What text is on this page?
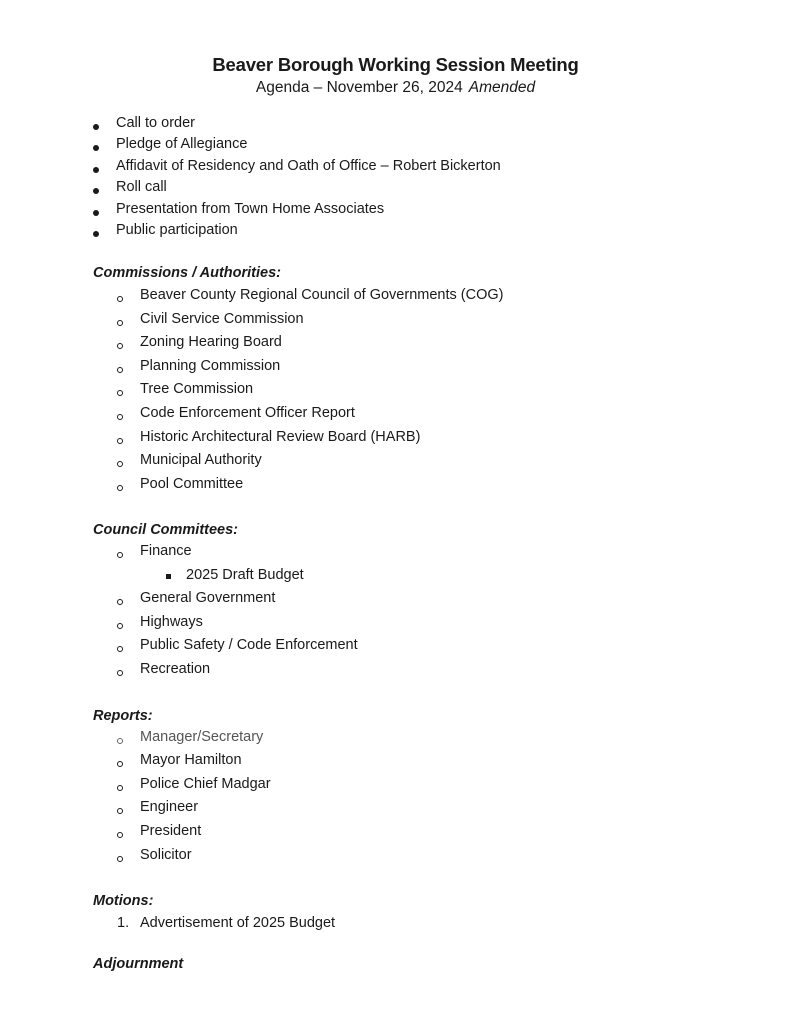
Beaver Borough Working Session Meeting
Agenda – November 26, 2024 Amended
Call to order
Pledge of Allegiance
Affidavit of Residency and Oath of Office – Robert Bickerton
Roll call
Presentation from Town Home Associates
Public participation
Commissions / Authorities:
Beaver County Regional Council of Governments (COG)
Civil Service Commission
Zoning Hearing Board
Planning Commission
Tree Commission
Code Enforcement Officer Report
Historic Architectural Review Board (HARB)
Municipal Authority
Pool Committee
Council Committees:
Finance
2025 Draft Budget
General Government
Highways
Public Safety / Code Enforcement
Recreation
Reports:
Manager/Secretary
Mayor Hamilton
Police Chief Madgar
Engineer
President
Solicitor
Motions:
1. Advertisement of 2025 Budget
Adjournment
